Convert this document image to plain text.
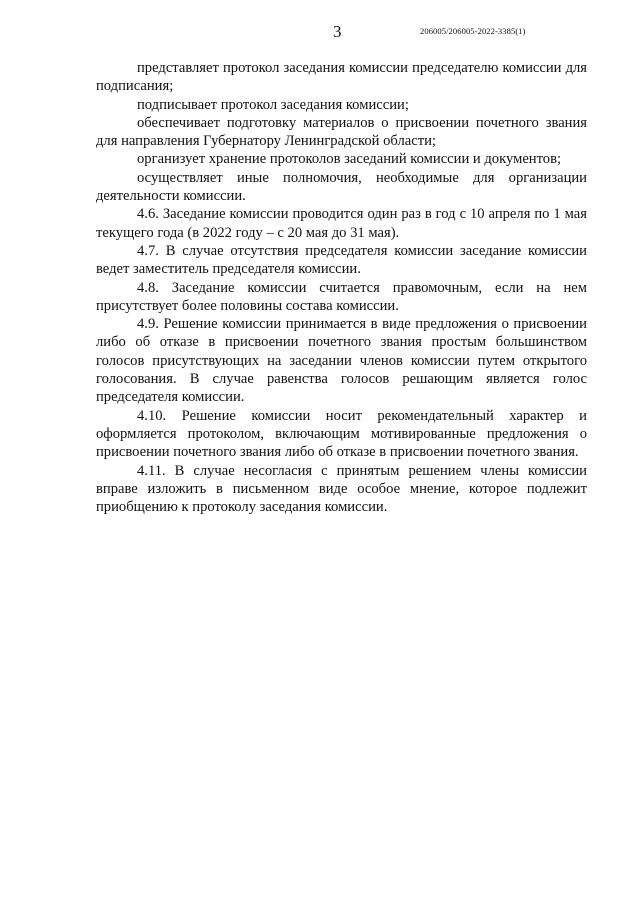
3	206005/206005-2022-3385(1)

представляет протокол заседания комиссии председателю комиссии для подписания;

подписывает протокол заседания комиссии;

обеспечивает подготовку материалов о присвоении почетного звания для направления Губернатору Ленинградской области;

организует хранение протоколов заседаний комиссии и документов;

осуществляет иные полномочия, необходимые для организации деятельности комиссии.

4.6. Заседание комиссии проводится один раз в год с 10 апреля по 1 мая текущего года (в 2022 году – с 20 мая до 31 мая).

4.7. В случае отсутствия председателя комиссии заседание комиссии ведет заместитель председателя комиссии.

4.8. Заседание комиссии считается правомочным, если на нем присутствует более половины состава комиссии.

4.9. Решение комиссии принимается в виде предложения о присвоении либо об отказе в присвоении почетного звания простым большинством голосов присутствующих на заседании членов комиссии путем открытого голосования. В случае равенства голосов решающим является голос председателя комиссии.

4.10. Решение комиссии носит рекомендательный характер и оформляется протоколом, включающим мотивированные предложения о присвоении почетного звания либо об отказе в присвоении почетного звания.

4.11. В случае несогласия с принятым решением члены комиссии вправе изложить в письменном виде особое мнение, которое подлежит приобщению к протоколу заседания комиссии.
